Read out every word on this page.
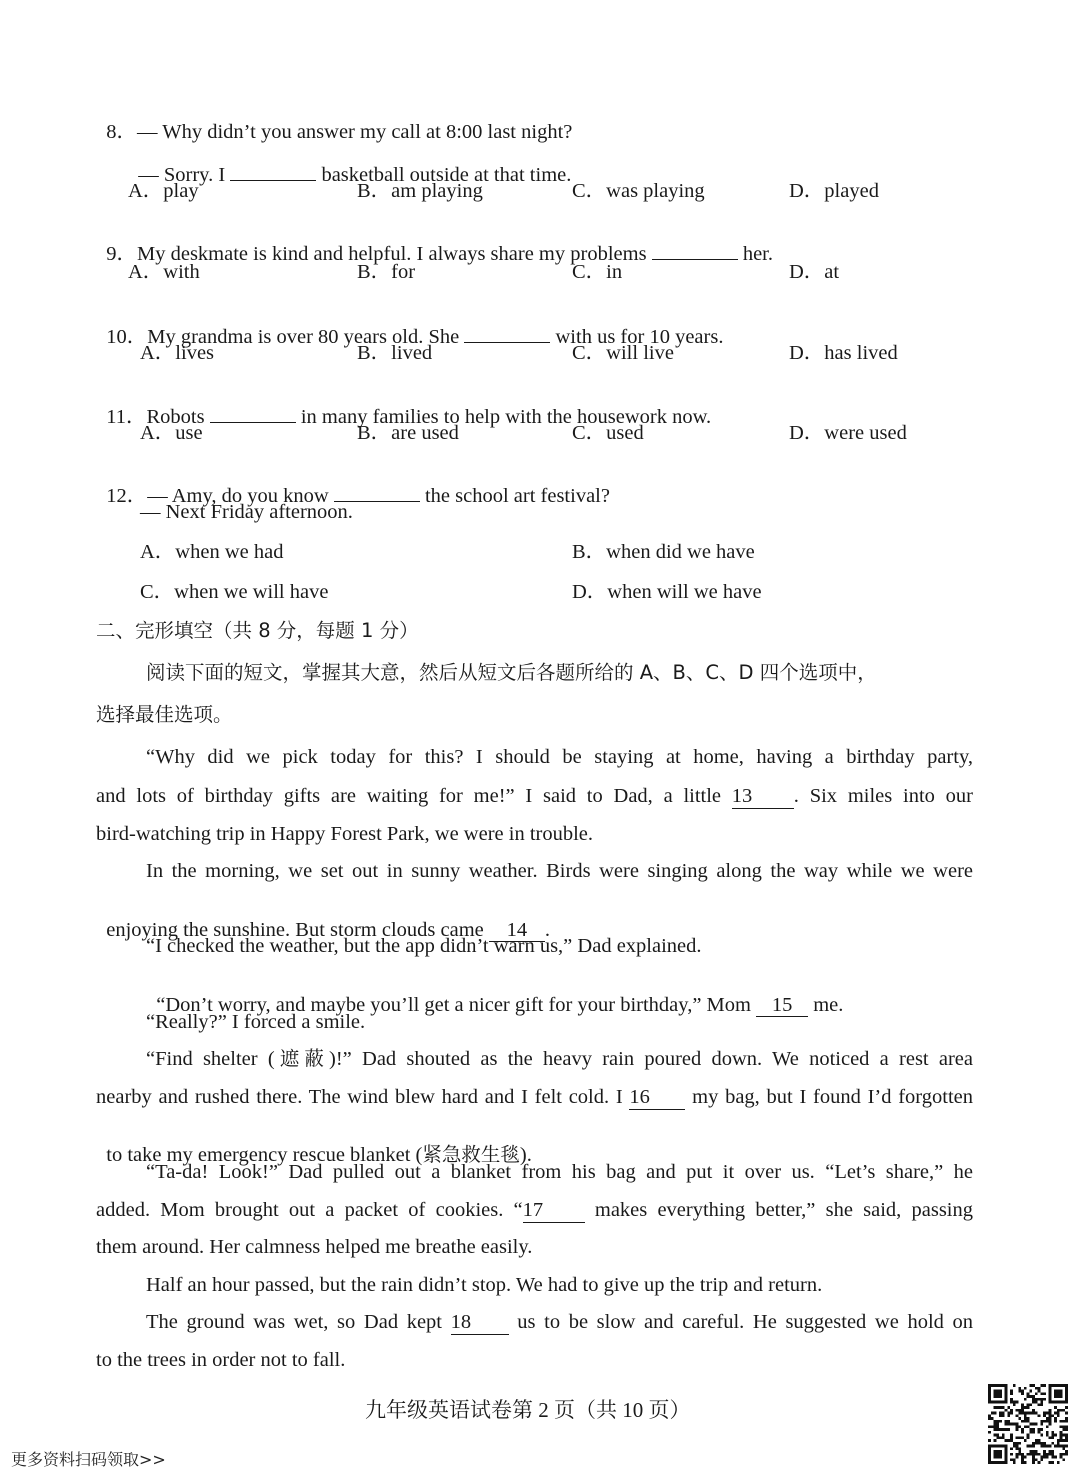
8．— Why didn’t you answer my call at 8:00 last night?

— Sorry. I	basketball outside at that time.

A．play	B．am playing	C．was playing	D．played

9．My deskmate is kind and helpful. I always share my problems	her.

A．with	B．for	C．in	D．at

10．My grandma is over 80 years old. She	with us for 10 years.

A．lives	B．lived	C．will live	D．has lived

11．Robots	in many families to help with the housework now.

A．use	B．are used	C．used	D．were used

12．— Amy, do you know	the school art festival?

— Next Friday afternoon.
A．when we had	B．when did we have
C．when we will have	D．when will we have
二、完形填空（共 8 分，每题 1 分）
阅读下面的短文，掌握其大意，然后从短文后各题所给的 A、B、C、D 四个选项中，
选择最佳选项。
“Why did we pick today for this? I should be staying at home, having a birthday party,
and lots of birthday gifts are waiting for me!” I said to Dad, a little 13 . Six miles into our
bird-watching trip in Happy Forest Park, we were in trouble.
In the morning, we set out in sunny weather. Birds were singing along the way while we were

enjoying the sunshine. But storm clouds came 14 .

“I checked the weather, but the app didn’t warn us,” Dad explained.

“Don’t worry, and maybe you’ll get a nicer gift for your birthday,” Mom 15 me.

“Really?” I forced a smile.
“Find shelter (遮蔽)!” Dad shouted as the heavy rain poured down. We noticed a rest area
nearby and rushed there. The wind blew hard and I felt cold. I 16 my bag, but I found I’d forgotten

to take my emergency rescue blanket (紧急救生毯).

“Ta-da! Look!” Dad pulled out a blanket from his bag and put it over us. “Let’s share,” he
added. Mom brought out a packet of cookies. “17	makes everything better,” she said, passing
them around. Her calmness helped me breathe easily.
Half an hour passed, but the rain didn’t stop. We had to give up the trip and return.
The ground was wet, so Dad kept 18 us to be slow and careful. He suggested we hold on
to the trees in order not to fall.
九年级英语试卷第 2 页（共 10 页）
更多资料扫码领取>>
